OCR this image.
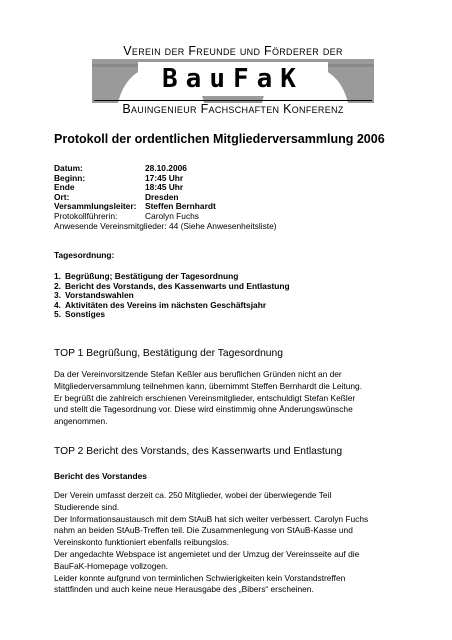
Verein der Freunde und Förderer der
BauFaK
Bauingenieur Fachschaften Konferenz
Protokoll der ordentlichen Mitgliederversammlung 2006
Datum:	28.10.2006
Beginn:	17:45 Uhr
Ende	18:45 Uhr
Ort:	Dresden
Versammlungsleiter: Steffen Bernhardt
Protokollführerin:	Carolyn Fuchs
Anwesende Vereinsmitglieder: 44 (Siehe Anwesenheitsliste)
Tagesordnung:
1. Begrüßung; Bestätigung der Tagesordnung
2. Bericht des Vorstands, des Kassenwarts und Entlastung
3. Vorstandswahlen
4. Aktivitäten des Vereins im nächsten Geschäftsjahr
5. Sonstiges
TOP 1 Begrüßung, Bestätigung der Tagesordnung
Da der Vereinvorsitzende Stefan Keßler aus beruflichen Gründen nicht an der
Mitgliederversammlung teilnehmen kann, übernimmt Steffen Bernhardt die Leitung.
Er begrüßt die zahlreich erschienen Vereinsmitglieder, entschuldigt Stefan Keßler
und stellt die Tagesordnung vor. Diese wird einstimmig ohne Änderungswünsche
angenommen.
TOP 2 Bericht des Vorstands, des Kassenwarts und Entlastung
Bericht des Vorstandes
Der Verein umfasst derzeit ca. 250 Mitglieder, wobei der überwiegende Teil
Studierende sind.
Der Informationsaustausch mit dem StAuB hat sich weiter verbessert. Carolyn Fuchs
nahm an beiden StAuB-Treffen teil. Die Zusammenlegung von StAuB-Kasse und
Vereinskonto funktioniert ebenfalls reibungslos.
Der angedachte Webspace ist angemietet und der Umzug der Vereinsseite auf die
BauFaK-Homepage vollzogen.
Leider konnte aufgrund von terminlichen Schwierigkeiten kein Vorstandstreffen
stattfinden und auch keine neue Herausgabe des „Bibers“ erscheinen.
